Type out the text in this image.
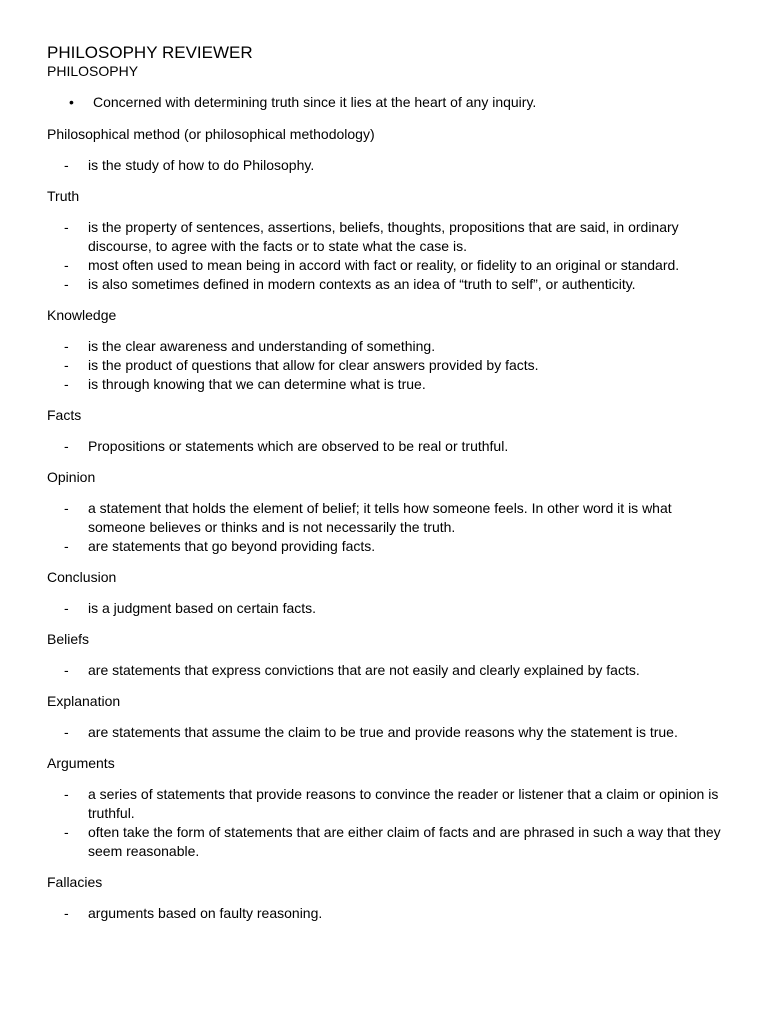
PHILOSOPHY REVIEWER
PHILOSOPHY
• Concerned with determining truth since it lies at the heart of any inquiry.
Philosophical method (or philosophical methodology)
- is the study of how to do Philosophy.
Truth
- is the property of sentences, assertions, beliefs, thoughts, propositions that are said, in ordinary discourse, to agree with the facts or to state what the case is.
- most often used to mean being in accord with fact or reality, or fidelity to an original or standard.
- is also sometimes defined in modern contexts as an idea of “truth to self”, or authenticity.
Knowledge
- is the clear awareness and understanding of something.
- is the product of questions that allow for clear answers provided by facts.
- is through knowing that we can determine what is true.
Facts
- Propositions or statements which are observed to be real or truthful.
Opinion
- a statement that holds the element of belief; it tells how someone feels. In other word it is what someone believes or thinks and is not necessarily the truth.
- are statements that go beyond providing facts.
Conclusion
- is a judgment based on certain facts.
Beliefs
- are statements that express convictions that are not easily and clearly explained by facts.
Explanation
- are statements that assume the claim to be true and provide reasons why the statement is true.
Arguments
- a series of statements that provide reasons to convince the reader or listener that a claim or opinion is truthful.
- often take the form of statements that are either claim of facts and are phrased in such a way that they seem reasonable.
Fallacies
- arguments based on faulty reasoning.
